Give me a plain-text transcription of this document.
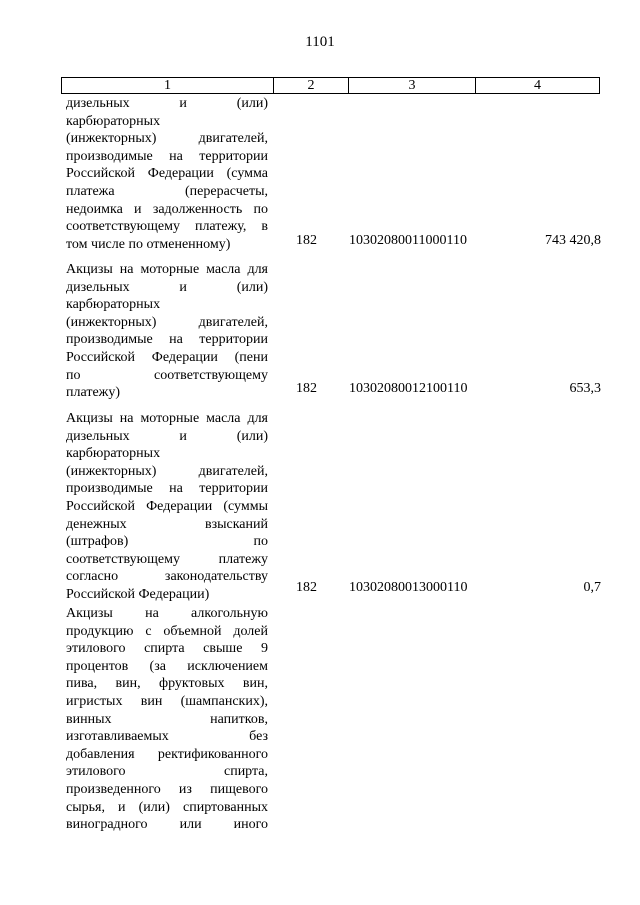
1101
1	2	3	4
дизельных и (или)
карбюраторных
(инжекторных) двигателей,
производимые на территории
Российской Федерации (сумма
платежа (перерасчеты,
недоимка и задолженность по
соответствующему платежу, в
том числе по отмененному)	182 10302080011000110	743 420,8
Акцизы на моторные масла для
дизельных и (или)
карбюраторных
(инжекторных) двигателей,
производимые на территории
Российской Федерации (пени
по соответствующему
платежу)	182 10302080012100110	653,3
Акцизы на моторные масла для
дизельных и (или)
карбюраторных
(инжекторных) двигателей,
производимые на территории
Российской Федерации (суммы
денежных взысканий
(штрафов) по
соответствующему платежу
согласно законодательству
Российской Федерации)	182 10302080013000110	0,7
Акцизы на алкогольную
продукцию с объемной долей
этилового спирта свыше 9
процентов (за исключением
пива, вин, фруктовых вин,
игристых вин (шампанских),
винных напитков,
изготавливаемых без
добавления ректификованного
этилового спирта,
произведенного из пищевого
сырья, и (или) спиртованных
виноградного или иного
